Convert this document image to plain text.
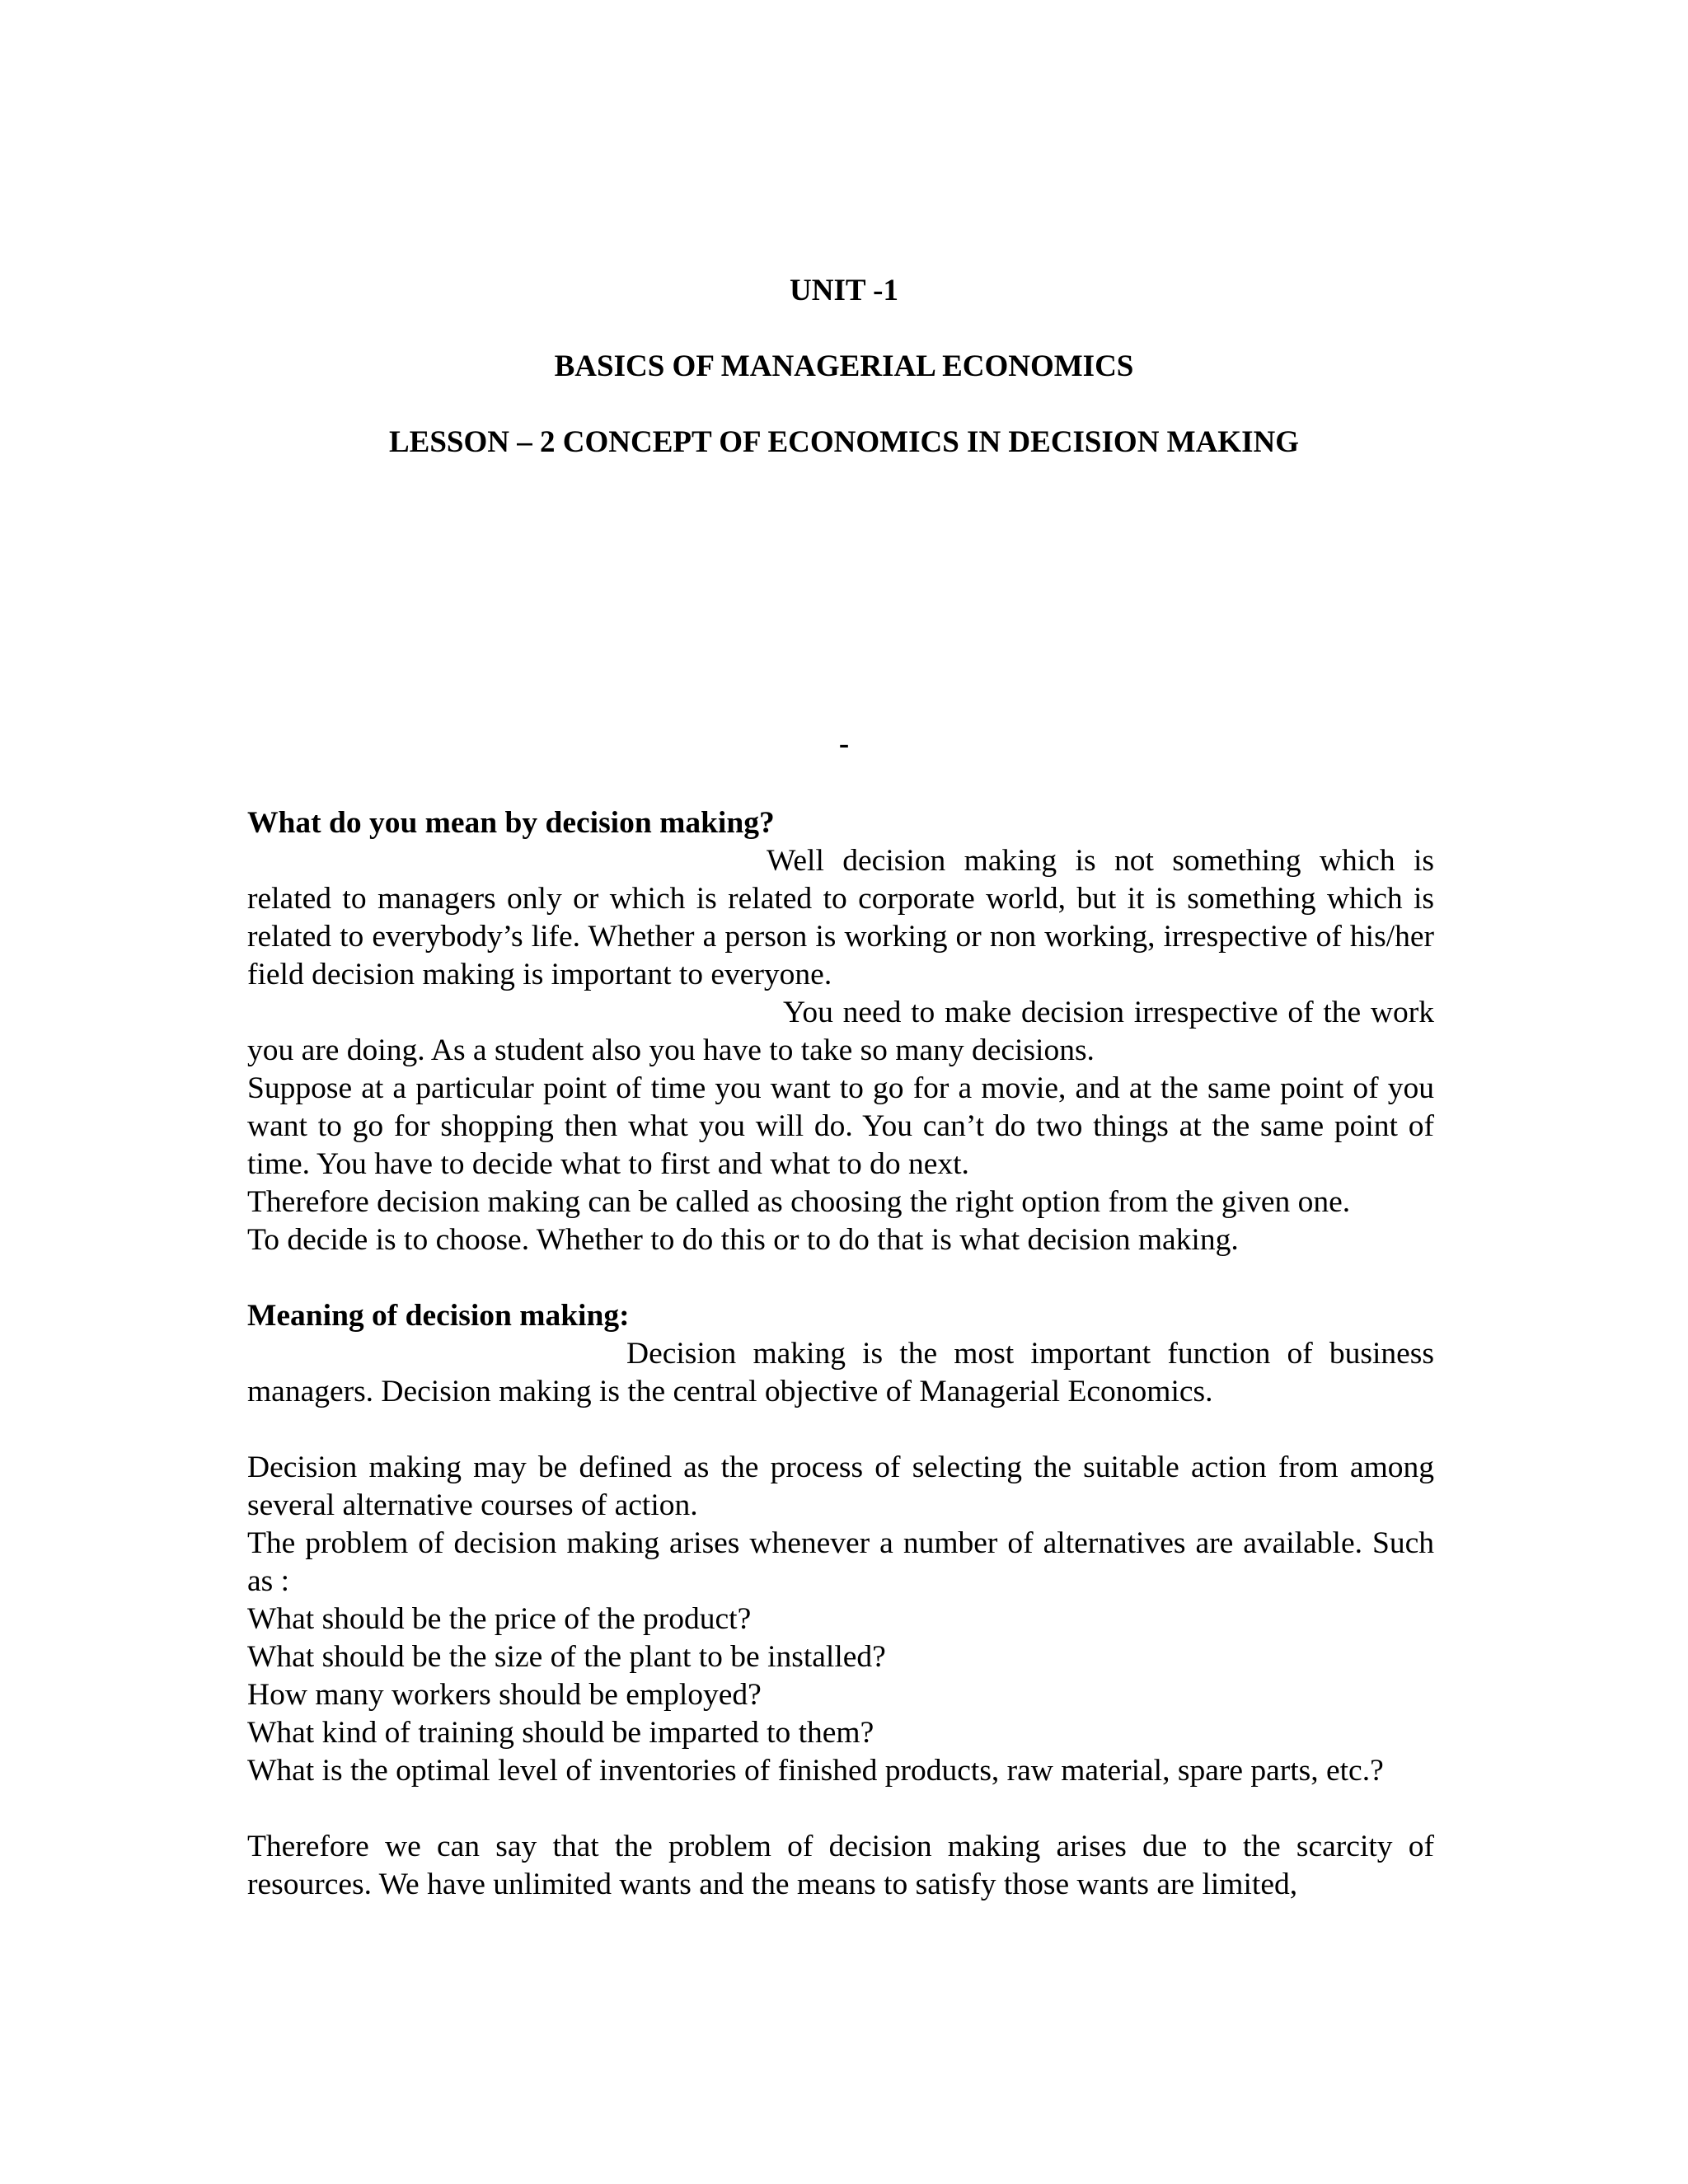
UNIT -1
BASICS OF MANAGERIAL ECONOMICS
LESSON – 2 CONCEPT OF ECONOMICS IN DECISION MAKING
-

What do you mean by decision making?

Well decision making is not something which is related to managers only or which is related to corporate world, but it is something which is related to everybody’s life. Whether a person is working or non working, irrespective of his/her field decision making is important to everyone.

You need to make decision irrespective of the work you are doing. As a student also you have to take so many decisions.

Suppose at a particular point of time you want to go for a movie, and at the same point of you want to go for shopping then what you will do. You can’t do two things at the same point of time. You have to decide what to first and what to do next.

Therefore decision making can be called as choosing the right option from the given one.

To decide is to choose. Whether to do this or to do that is what decision making.

Meaning of decision making:

Decision making is the most important function of business managers. Decision making is the central objective of Managerial Economics.

Decision making may be defined as the process of selecting the suitable action from among several alternative courses of action.

The problem of decision making arises whenever a number of alternatives are available. Such as :

What should be the price of the product?

What should be the size of the plant to be installed?

How many workers should be employed?

What kind of training should be imparted to them?

What is the optimal level of inventories of finished products, raw material, spare parts, etc.?

Therefore we can say that the problem of decision making arises due to the scarcity of resources. We have unlimited wants and the means to satisfy those wants are limited,
